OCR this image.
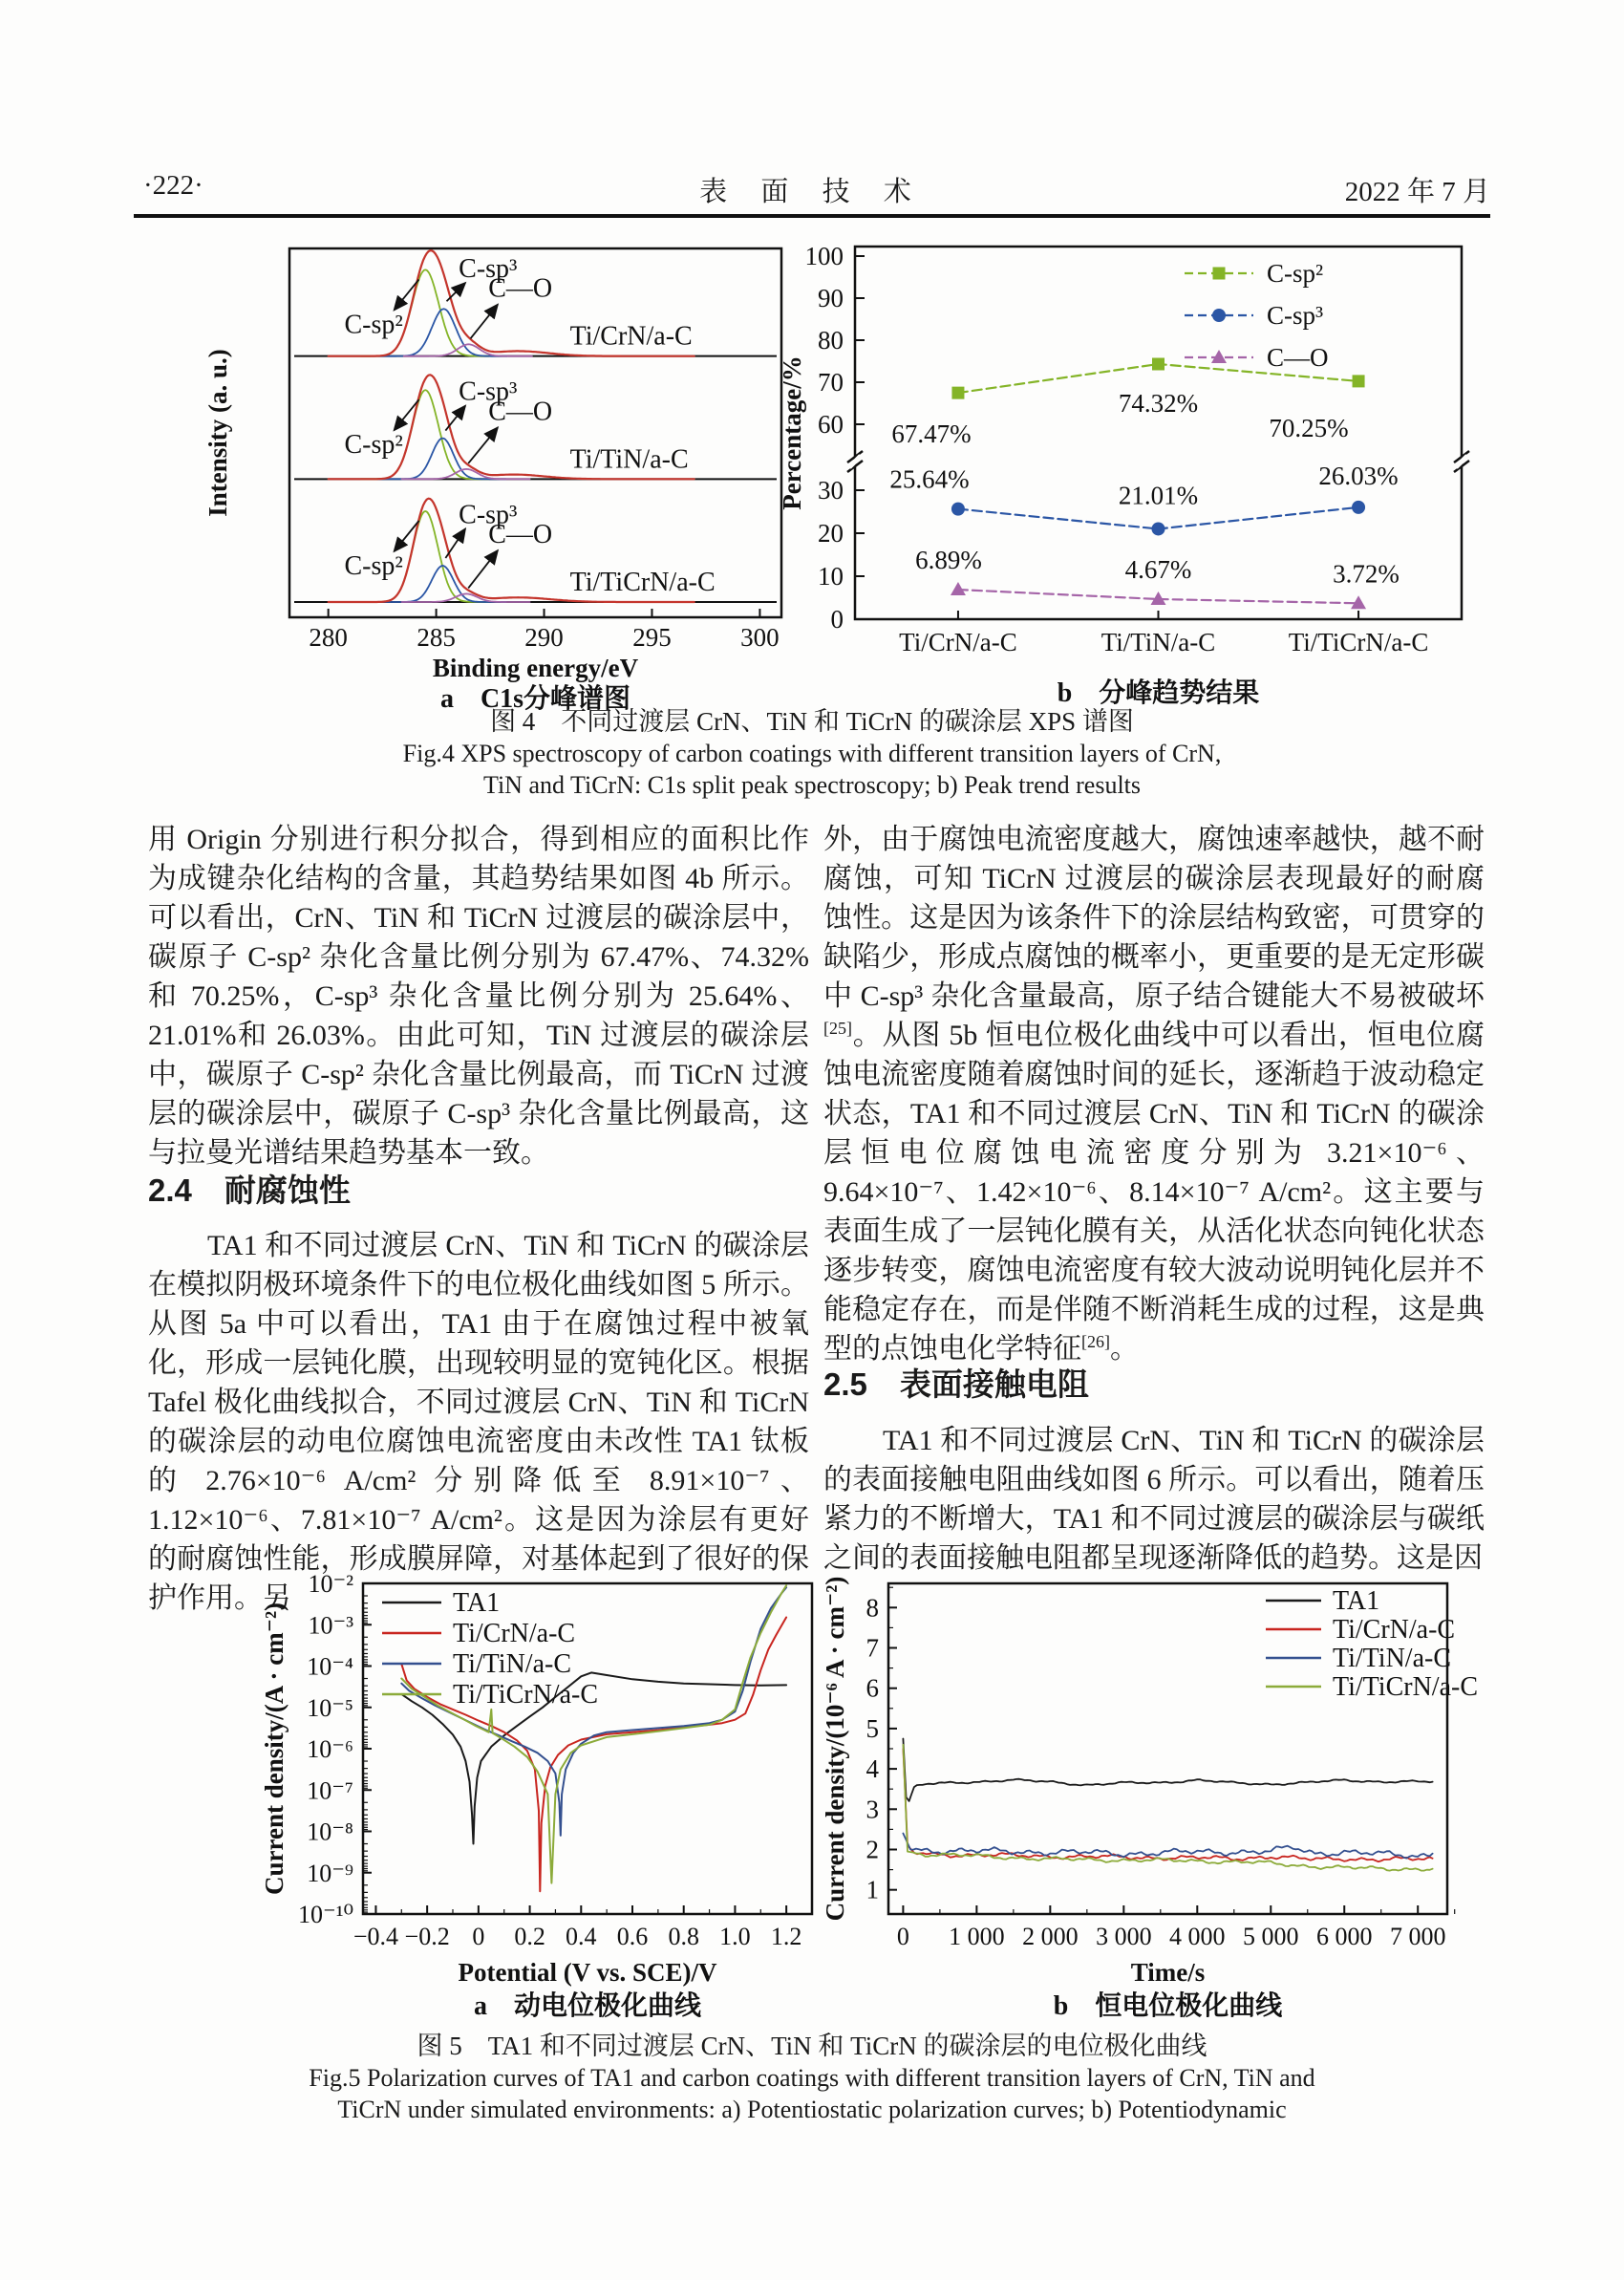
·222·	表 面 技 术	2022 年 7 月
280	285	290	295	300
Binding energy/eV
a　C1s分峰谱图
Intensity (a. u.)
C-sp²
C-sp³
C—O
Ti/CrN/a-C
C-sp²
C-sp³
C—O
Ti/TiN/a-C
C-sp²
C-sp³
C—O
Ti/TiCrN/a-C
0
10
20
30
60
70
80
90
100
Percentage/%
Ti/CrN/a-C	Ti/TiN/a-C	Ti/TiCrN/a-C
b　分峰趋势结果
67.47%
74.32%
70.25%
25.64%
21.01%
26.03%
6.89%	4.67%	3.72%
C-sp²
C-sp³
C—O
图 4　不同过渡层 CrN、TiN 和 TiCrN 的碳涂层 XPS 谱图
Fig.4 XPS spectroscopy of carbon coatings with different transition layers of CrN,
TiN and TiCrN: C1s split peak spectroscopy; b) Peak trend results
用 Origin 分别进行积分拟合，得到相应的面积比作为成键杂化结构的含量，其趋势结果如图 4b 所示。可以看出，CrN、TiN 和 TiCrN 过渡层的碳涂层中，碳原子 C-sp² 杂化含量比例分别为 67.47%、74.32%和 70.25%，C-sp³ 杂化含量比例分别为 25.64%、21.01%和 26.03%。由此可知，TiN 过渡层的碳涂层中，碳原子 C-sp² 杂化含量比例最高，而 TiCrN 过渡层的碳涂层中，碳原子 C-sp³ 杂化含量比例最高，这与拉曼光谱结果趋势基本一致。
2.4 耐腐蚀性
TA1 和不同过渡层 CrN、TiN 和 TiCrN 的碳涂层在模拟阴极环境条件下的电位极化曲线如图 5 所示。从图 5a 中可以看出，TA1 由于在腐蚀过程中被氧化，形成一层钝化膜，出现较明显的宽钝化区。根据 Tafel 极化曲线拟合，不同过渡层 CrN、TiN 和 TiCrN 的碳涂层的动电位腐蚀电流密度由未改性 TA1 钛板的 2.76×10⁻⁶ A/cm² 分别降低至 8.91×10⁻⁷、1.12×10⁻⁶、7.81×10⁻⁷ A/cm²。这是因为涂层有更好的耐腐蚀性能，形成膜屏障，对基体起到了很好的保护作用。另
外，由于腐蚀电流密度越大，腐蚀速率越快，越不耐腐蚀，可知 TiCrN 过渡层的碳涂层表现最好的耐腐蚀性。这是因为该条件下的涂层结构致密，可贯穿的缺陷少，形成点腐蚀的概率小，更重要的是无定形碳中 C-sp³ 杂化含量最高，原子结合键能大不易被破坏[25]。从图 5b 恒电位极化曲线中可以看出，恒电位腐蚀电流密度随着腐蚀时间的延长，逐渐趋于波动稳定状态，TA1 和不同过渡层 CrN、TiN 和 TiCrN 的碳涂层恒电位腐蚀电流密度分别为 3.21×10⁻⁶、9.64×10⁻⁷、1.42×10⁻⁶、8.14×10⁻⁷ A/cm²。这主要与表面生成了一层钝化膜有关，从活化状态向钝化状态逐步转变，腐蚀电流密度有较大波动说明钝化层并不能稳定存在，而是伴随不断消耗生成的过程，这是典型的点蚀电化学特征[26]。
2.5 表面接触电阻
TA1 和不同过渡层 CrN、TiN 和 TiCrN 的碳涂层的表面接触电阻曲线如图 6 所示。可以看出，随着压紧力的不断增大，TA1 和不同过渡层的碳涂层与碳纸之间的表面接触电阻都呈现逐渐降低的趋势。这是因
10⁻²
10⁻³
10⁻⁴
10⁻⁵
10⁻⁶
10⁻⁷
10⁻⁸
10⁻⁹
10⁻¹⁰
−0.4 −0.2 0 0.2 0.4 0.6 0.8 1.0 1.2
Potential (V vs. SCE)/V
Current density/(A · cm⁻²)
a　动电位极化曲线
TA1
Ti/CrN/a-C
Ti/TiN/a-C
Ti/TiCrN/a-C
1
2
3
4
5
6
7
8
0 1 000 2 000 3 000 4 000 5 000 6 000 7 000
Time/s
Current density/(10⁻⁶ A · cm⁻²)
b　恒电位极化曲线
TA1
Ti/CrN/a-C
Ti/TiN/a-C
Ti/TiCrN/a-C
图 5　TA1 和不同过渡层 CrN、TiN 和 TiCrN 的碳涂层的电位极化曲线
Fig.5 Polarization curves of TA1 and carbon coatings with different transition layers of CrN, TiN and
TiCrN under simulated environments: a) Potentiostatic polarization curves; b) Potentiodynamic
